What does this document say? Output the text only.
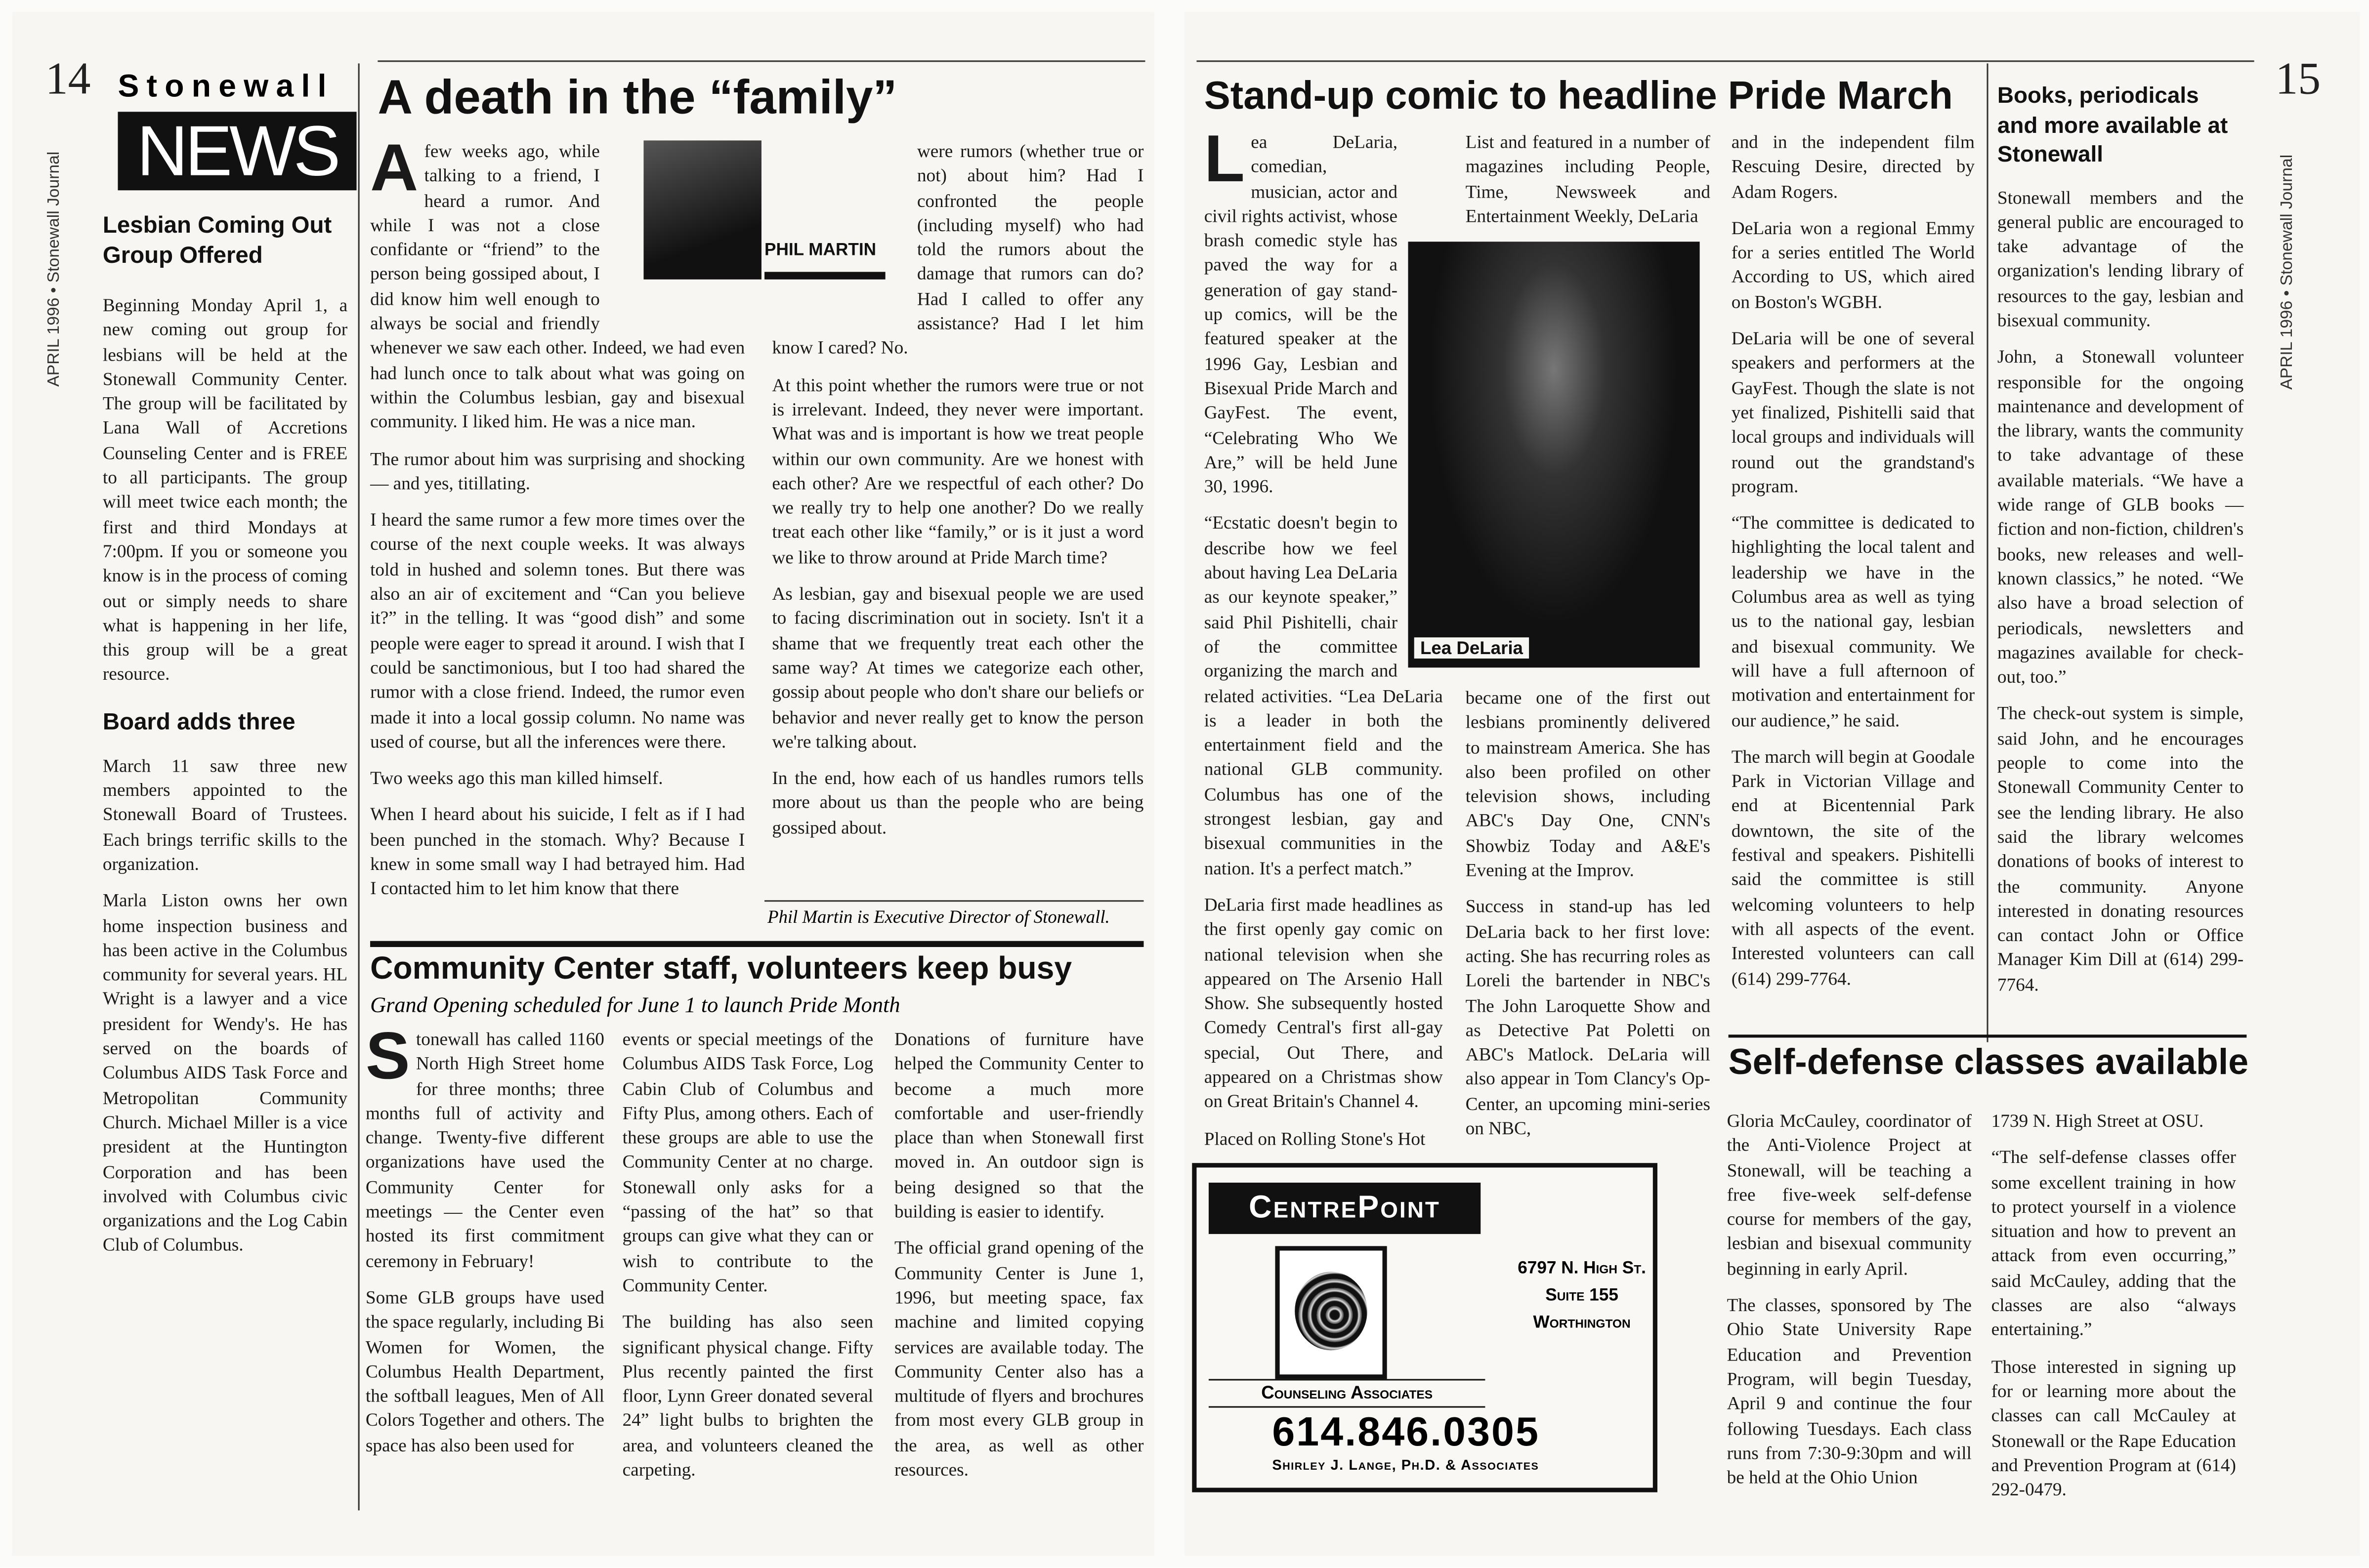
14
APRIL 1996 • Stonewall Journal
Stonewall
NEWS
Lesbian Coming Out Group Offered

Beginning Monday April 1, a new coming out group for lesbians will be held at the Stonewall Community Center. The group will be facilitated by Lana Wall of Accretions Counseling Center and is FREE to all participants. The group will meet twice each month; the first and third Mondays at 7:00pm. If you or someone you know is in the process of coming out or simply needs to share what is happening in her life, this group will be a great resource.

Board adds three

March 11 saw three new members appointed to the Stonewall Board of Trustees. Each brings terrific skills to the organization.

Marla Liston owns her own home inspection business and has been active in the Columbus community for several years. HL Wright is a lawyer and a vice president for Wendy's. He has served on the boards of Columbus AIDS Task Force and Metropolitan Community Church. Michael Miller is a vice president at the Huntington Corporation and has been involved with Columbus civic organizations and the Log Cabin Club of Columbus.

A death in the “family”
PHIL MARTIN

Afew weeks ago, while talking to a friend, I heard a rumor. And while I was not a close confidante or “friend” to the person being gossiped about, I did know him well enough to always be social and friendly whenever we saw each other. Indeed, we had even had lunch once to talk about what was going on within the Columbus lesbian, gay and bisexual community. I liked him. He was a nice man.

The rumor about him was surprising and shocking — and yes, titillating.

I heard the same rumor a few more times over the course of the next couple weeks. It was always told in hushed and solemn tones. But there was also an air of excitement and “Can you believe it?” in the telling. It was “good dish” and some people were eager to spread it around. I wish that I could be sanctimonious, but I too had shared the rumor with a close friend. Indeed, the rumor even made it into a local gossip column. No name was used of course, but all the inferences were there.

Two weeks ago this man killed himself.

When I heard about his suicide, I felt as if I had been punched in the stomach. Why? Because I knew in some small way I had betrayed him. Had I contacted him to let him know that there

were rumors (whether true or not) about him? Had I confronted the people (including myself) who had told the rumors about the damage that rumors can do? Had I called to offer any assistance? Had I let him know I cared? No.

At this point whether the rumors were true or not is irrelevant. Indeed, they never were important. What was and is important is how we treat people within our own community. Are we honest with each other? Are we respectful of each other? Do we really try to help one another? Do we really treat each other like “family,” or is it just a word we like to throw around at Pride March time?

As lesbian, gay and bisexual people we are used to facing discrimination out in society. Isn't it a shame that we frequently treat each other the same way? At times we categorize each other, gossip about people who don't share our beliefs or behavior and never really get to know the person we're talking about.

In the end, how each of us handles rumors tells more about us than the people who are being gossiped about.

Phil Martin is Executive Director of Stonewall.
Community Center staff, volunteers keep busy
Grand Opening scheduled for June 1 to launch Pride Month

Stonewall has called 1160 North High Street home for three months; three months full of activity and change. Twenty-five different organizations have used the Community Center for meetings — the Center even hosted its first commitment ceremony in February!

Some GLB groups have used the space regularly, including Bi Women for Women, the Columbus Health Department, the softball leagues, Men of All Colors Together and others. The space has also been used for

events or special meetings of the Columbus AIDS Task Force, Log Cabin Club of Columbus and Fifty Plus, among others. Each of these groups are able to use the Community Center at no charge. Stonewall only asks for a “passing of the hat” so that groups can give what they can or wish to contribute to the Community Center.

The building has also seen significant physical change. Fifty Plus recently painted the first floor, Lynn Greer donated several 24” light bulbs to brighten the area, and volunteers cleaned the carpeting.

Donations of furniture have helped the Community Center to become a much more comfortable and user-friendly place than when Stonewall first moved in. An outdoor sign is being designed so that the building is easier to identify.

The official grand opening of the Community Center is June 1, 1996, but meeting space, fax machine and limited copying services are available today. The Community Center also has a multitude of flyers and brochures from most every GLB group in the area, as well as other resources.

15
APRIL 1996 • Stonewall Journal
Stand-up comic to headline Pride March
Lea DeLaria

Lea DeLaria, comedian, musician, actor and civil rights activist, whose brash comedic style has paved the way for a generation of gay stand-up comics, will be the featured speaker at the 1996 Gay, Lesbian and Bisexual Pride March and GayFest. The event, “Celebrating Who We Are,” will be held June 30, 1996.

“Ecstatic doesn't begin to describe how we feel about having Lea DeLaria as our keynote speaker,” said Phil Pishitelli, chair of the committee organizing the march and related activities. “Lea DeLaria is a leader in both the entertainment field and the national GLB community. Columbus has one of the strongest lesbian, gay and bisexual communities in the nation. It's a perfect match.”

DeLaria first made headlines as the first openly gay comic on national television when she appeared on The Arsenio Hall Show. She subsequently hosted Comedy Central's first all-gay special, Out There, and appeared on a Christmas show on Great Britain's Channel 4.

Placed on Rolling Stone's Hot

List and featured in a number of magazines including People, Time, Newsweek and Entertainment Weekly, DeLaria

became one of the first out lesbians prominently delivered to mainstream America. She has also been profiled on other television shows, including ABC's Day One, CNN's Showbiz Today and A&E's Evening at the Improv.

Success in stand-up has led DeLaria back to her first love: acting. She has recurring roles as Loreli the bartender in NBC's The John Laroquette Show and as Detective Pat Poletti on ABC's Matlock. DeLaria will also appear in Tom Clancy's Op-Center, an upcoming mini-series on NBC,

and in the independent film Rescuing Desire, directed by Adam Rogers.

DeLaria won a regional Emmy for a series entitled The World According to US, which aired on Boston's WGBH.

DeLaria will be one of several speakers and performers at the GayFest. Though the slate is not yet finalized, Pishitelli said that local groups and individuals will round out the grandstand's program.

“The committee is dedicated to highlighting the local talent and leadership we have in the Columbus area as well as tying us to the national gay, lesbian and bisexual community. We will have a full afternoon of motivation and entertainment for our audience,” he said.

The march will begin at Goodale Park in Victorian Village and end at Bicentennial Park downtown, the site of the festival and speakers. Pishitelli said the committee is still welcoming volunteers to help with all aspects of the event. Interested volunteers can call (614) 299-7764.

Books, periodicals and more available at Stonewall

Stonewall members and the general public are encouraged to take advantage of the organization's lending library of resources to the gay, lesbian and bisexual community.

John, a Stonewall volunteer responsible for the ongoing maintenance and development of the library, wants the community to take advantage of these available materials. “We have a wide range of GLB books — fiction and non-fiction, children's books, new releases and well-known classics,” he noted. “We also have a broad selection of periodicals, newsletters and magazines available for check-out, too.”

The check-out system is simple, said John, and he encourages people to come into the Stonewall Community Center to see the lending library. He also said the library welcomes donations of books of interest to the community. Anyone interested in donating resources can contact John or Office Manager Kim Dill at (614) 299-7764.

Self-defense classes available

Gloria McCauley, coordinator of the Anti-Violence Project at Stonewall, will be teaching a free five-week self-defense course for members of the gay, lesbian and bisexual community beginning in early April.

The classes, sponsored by The Ohio State University Rape Education and Prevention Program, will begin Tuesday, April 9 and continue the four following Tuesdays. Each class runs from 7:30-9:30pm and will be held at the Ohio Union

1739 N. High Street at OSU.

“The self-defense classes offer some excellent training in how to protect yourself in a violence situation and how to prevent an attack from even occurring,” said McCauley, adding that the classes are also “always entertaining.”

Those interested in signing up for or learning more about the classes can call McCauley at Stonewall or the Rape Education and Prevention Program at (614) 292-0479.

CentrePoint
6797 N. High St.
Suite 155
Worthington
Counseling Associates
614.846.0305
Shirley J. Lange, Ph.D. & Associates
